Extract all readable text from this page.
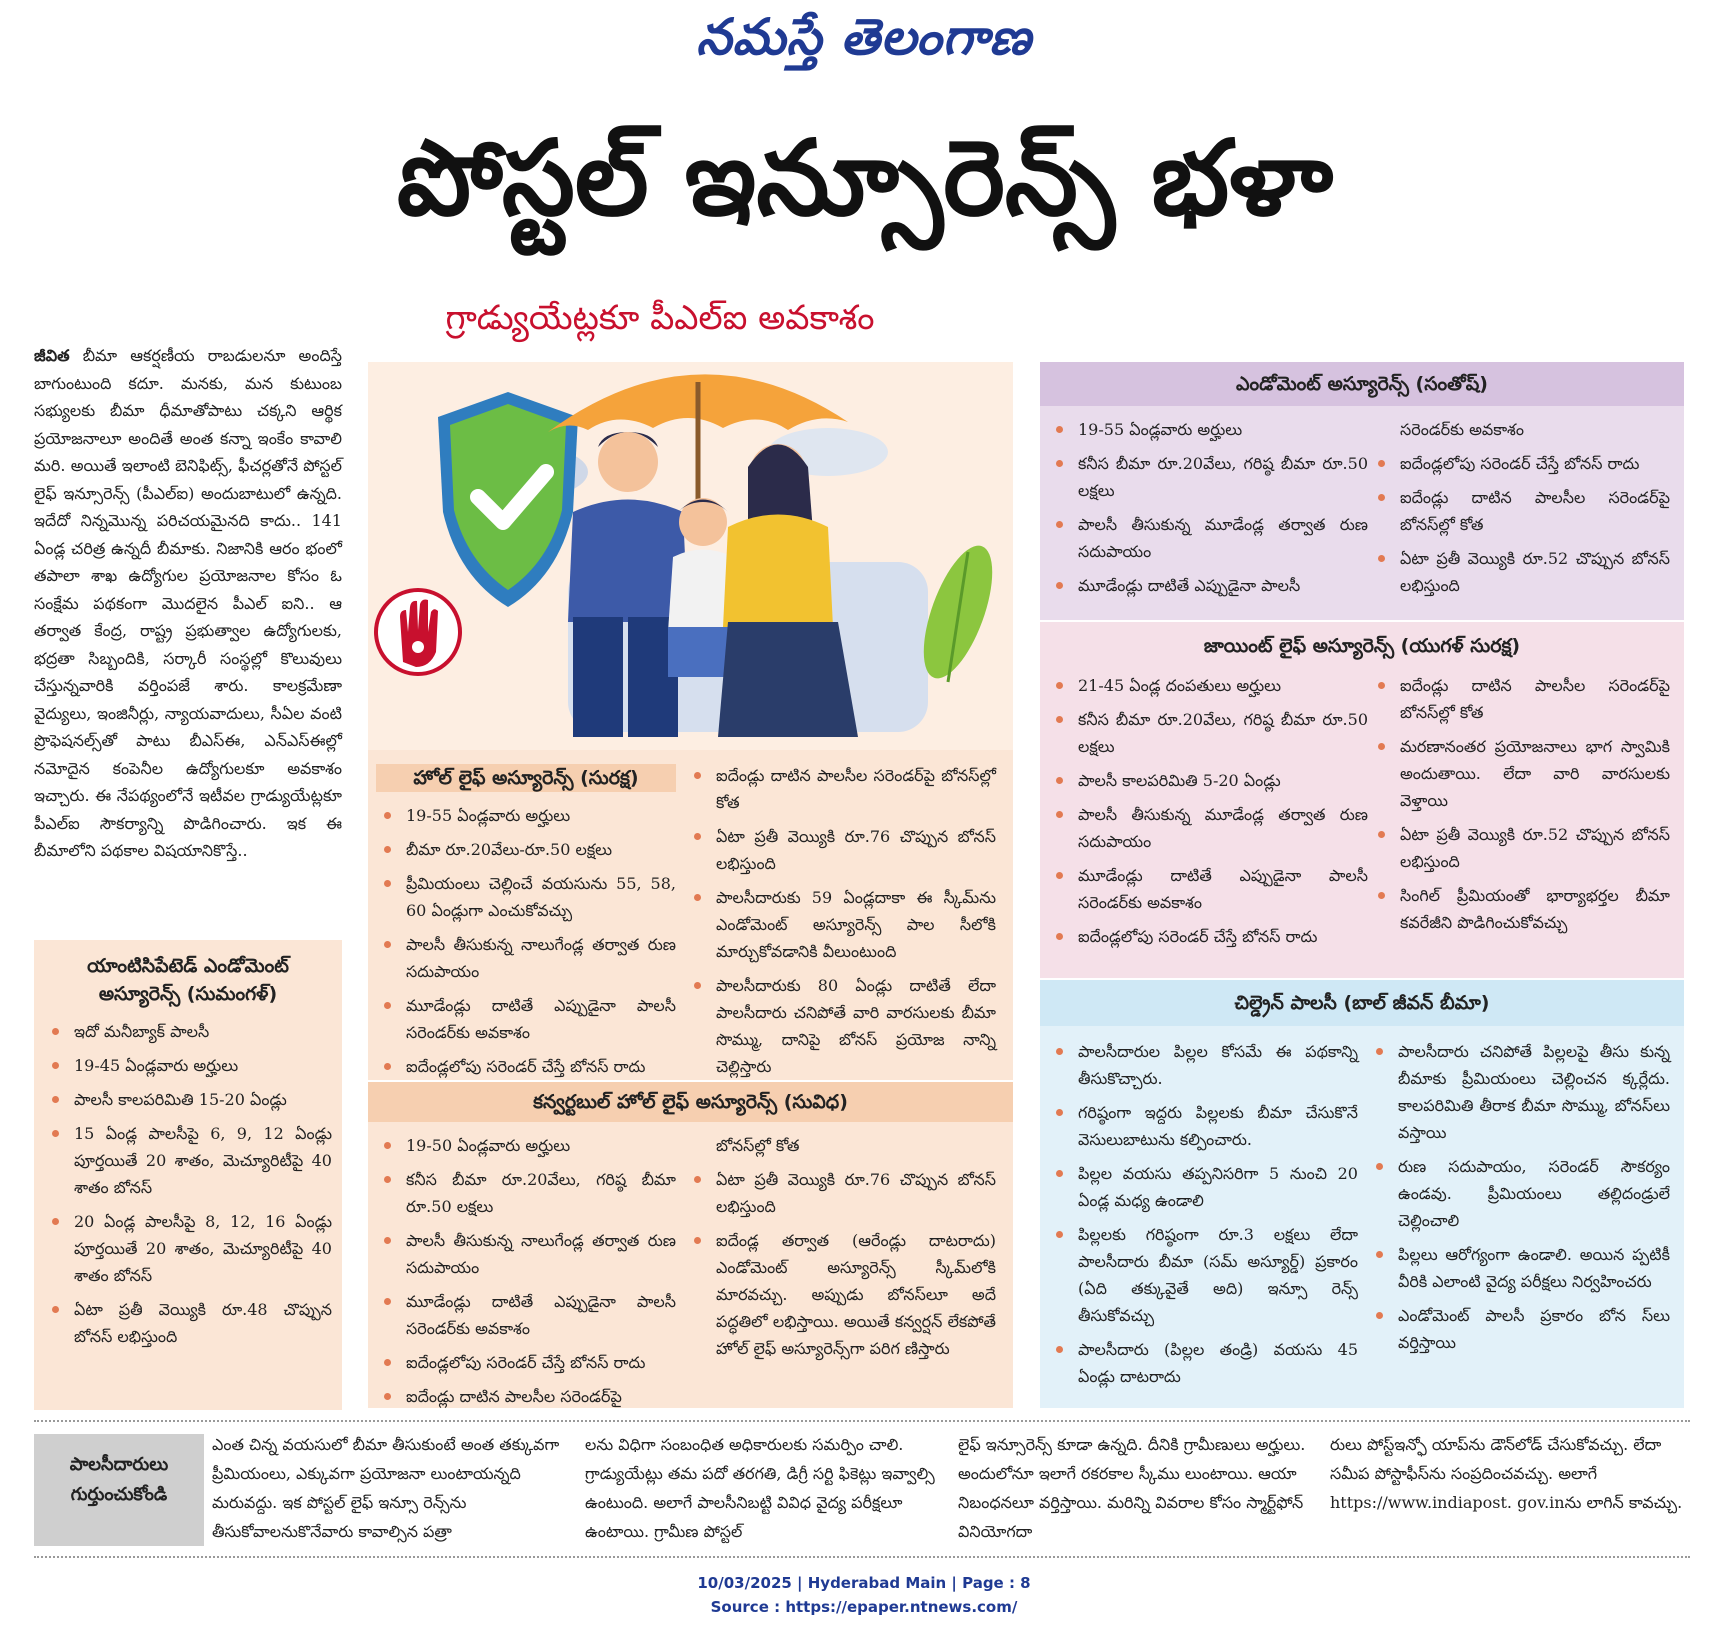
నమస్తే తెలంగాణ
పోస్టల్ ఇన్సూరెన్స్ భళా
గ్రాడ్యుయేట్లకూ పీఎల్ఐ అవకాశం
జీవిత బీమా ఆకర్షణీయ రాబడులనూ అందిస్తే బాగుంటుంది కదూ. మనకు, మన కుటుంబ సభ్యులకు బీమా ధీమాతోపాటు చక్కని ఆర్థిక ప్రయోజనాలూ అందితే అంత కన్నా ఇంకేం కావాలి మరి. అయితే ఇలాంటి బెనిఫిట్స్, ఫీచర్లతోనే పోస్టల్ లైఫ్ ఇన్సూరెన్స్ (పీఎల్ఐ) అందుబాటులో ఉన్నది. ఇదేదో నిన్నమొన్న పరిచయమైనది కాదు.. 141 ఏండ్ల చరిత్ర ఉన్నదీ బీమాకు. నిజానికి ఆరం భంలో తపాలా శాఖ ఉద్యోగుల ప్రయోజనాల కోసం ఓ సంక్షేమ పథకంగా మొదలైన పీఎల్ ఐని.. ఆ తర్వాత కేంద్ర, రాష్ట్ర ప్రభుత్వాల ఉద్యోగులకు, భద్రతా సిబ్బందికి, సర్కారీ సంస్థల్లో కొలువులు చేస్తున్నవారికి వర్తింపజే శారు. కాలక్రమేణా వైద్యులు, ఇంజినీర్లు, న్యాయవాదులు, సీఏల వంటి ప్రొఫెషనల్స్‌తో పాటు బీఎస్ఈ, ఎన్ఎస్ఈల్లో నమోదైన కంపెనీల ఉద్యోగులకూ అవకాశం ఇచ్చారు. ఈ నేపథ్యంలోనే ఇటీవల గ్రాడ్యుయేట్లకూ పీఎల్ఐ సౌకర్యాన్ని పొడిగించారు. ఇక ఈ బీమాలోని పథకాల విషయానికొస్తే..
యాంటిసిపేటెడ్ ఎండోమెంట్ అస్యూరెన్స్ (సుమంగళ్)
ఇదో మనీబ్యాక్ పాలసీ
19-45 ఏండ్లవారు అర్హులు
పాలసీ కాలపరిమితి 15-20 ఏండ్లు
15 ఏండ్ల పాలసీపై 6, 9, 12 ఏండ్లు పూర్తయితే 20 శాతం, మెచ్యూరిటీపై 40 శాతం బోనస్
20 ఏండ్ల పాలసీపై 8, 12, 16 ఏండ్లు పూర్తయితే 20 శాతం, మెచ్యూరిటీపై 40 శాతం బోనస్
ఏటా ప్రతీ వెయ్యికి రూ.48 చొప్పున బోనస్ లభిస్తుంది
హోల్ లైఫ్ అస్యూరెన్స్ (సురక్ష)
19-55 ఏండ్లవారు అర్హులు
బీమా రూ.20వేలు-రూ.50 లక్షలు
ప్రీమియంలు చెల్లించే వయసును 55, 58, 60 ఏండ్లుగా ఎంచుకోవచ్చు
పాలసీ తీసుకున్న నాలుగేండ్ల తర్వాత రుణ సదుపాయం
మూడేండ్లు దాటితే ఎప్పుడైనా పాలసీ సరెండర్‌కు అవకాశం
ఐదేండ్లలోపు సరెండర్ చేస్తే బోనస్ రాదు
ఐదేండ్లు దాటిన పాలసీల సరెండర్‌పై బోనస్‌ల్లో కోత
ఏటా ప్రతీ వెయ్యికి రూ.76 చొప్పున బోనస్ లభిస్తుంది
పాలసీదారుకు 59 ఏండ్లదాకా ఈ స్కీమ్‌ను ఎండోమెంట్ అస్యూరెన్స్ పాల సీలోకి మార్చుకోవడానికి వీలుంటుంది
పాలసీదారుకు 80 ఏండ్లు దాటితే లేదా పాలసీదారు చనిపోతే వారి వారసులకు బీమా సొమ్ము, దానిపై బోనస్ ప్రయోజ నాన్ని చెల్లిస్తారు
కన్వర్టబుల్ హోల్ లైఫ్ అస్యూరెన్స్ (సువిధ)
19-50 ఏండ్లవారు అర్హులు
కనీస బీమా రూ.20వేలు, గరిష్ఠ బీమా రూ.50 లక్షలు
పాలసీ తీసుకున్న నాలుగేండ్ల తర్వాత రుణ సదుపాయం
మూడేండ్లు దాటితే ఎప్పుడైనా పాలసీ సరెండర్‌కు అవకాశం
ఐదేండ్లలోపు సరెండర్ చేస్తే బోనస్ రాదు
ఐదేండ్లు దాటిన పాలసీల సరెండర్‌పై
బోనస్‌ల్లో కోత
ఏటా ప్రతీ వెయ్యికి రూ.76 చొప్పున బోనస్ లభిస్తుంది
ఐదేండ్ల తర్వాత (ఆరేండ్లు దాటరాదు) ఎండోమెంట్ అస్యూరెన్స్ స్కీమ్‌లోకి మారవచ్చు. అప్పుడు బోనస్‌లూ అదే పద్ధతిలో లభిస్తాయి. అయితే కన్వర్షన్ లేకపోతే హోల్ లైఫ్ అస్యూరెన్స్‌గా పరిగ ణిస్తారు
ఎండోమెంట్ అస్యూరెన్స్ (సంతోష్)
19-55 ఏండ్లవారు అర్హులు
కనీస బీమా రూ.20వేలు, గరిష్ఠ బీమా రూ.50 లక్షలు
పాలసీ తీసుకున్న మూడేండ్ల తర్వాత రుణ సదుపాయం
మూడేండ్లు దాటితే ఎప్పుడైనా పాలసీ
సరెండర్‌కు అవకాశం
ఐదేండ్లలోపు సరెండర్ చేస్తే బోనస్ రాదు
ఐదేండ్లు దాటిన పాలసీల సరెండర్‌పై బోనస్‌ల్లో కోత
ఏటా ప్రతీ వెయ్యికి రూ.52 చొప్పున బోనస్ లభిస్తుంది
జాయింట్ లైఫ్ అస్యూరెన్స్ (యుగళ్ సురక్ష)
21-45 ఏండ్ల దంపతులు అర్హులు
కనీస బీమా రూ.20వేలు, గరిష్ఠ బీమా రూ.50 లక్షలు
పాలసీ కాలపరిమితి 5-20 ఏండ్లు
పాలసీ తీసుకున్న మూడేండ్ల తర్వాత రుణ సదుపాయం
మూడేండ్లు దాటితే ఎప్పుడైనా పాలసీ సరెండర్‌కు అవకాశం
ఐదేండ్లలోపు సరెండర్ చేస్తే బోనస్ రాదు
ఐదేండ్లు దాటిన పాలసీల సరెండర్‌పై బోనస్‌ల్లో కోత
మరణానంతర ప్రయోజనాలు భాగ స్వామికి అందుతాయి. లేదా వారి వారసులకు వెళ్తాయి
ఏటా ప్రతీ వెయ్యికి రూ.52 చొప్పున బోనస్ లభిస్తుంది
సింగిల్ ప్రీమియంతో భార్యాభర్తల బీమా కవరేజీని పొడిగించుకోవచ్చు
చిల్డ్రెన్ పాలసీ (బాల్ జీవన్ బీమా)
పాలసీదారుల పిల్లల కోసమే ఈ పథకాన్ని తీసుకొచ్చారు.
గరిష్ఠంగా ఇద్దరు పిల్లలకు బీమా చేసుకొనే వెసులుబాటును కల్పించారు.
పిల్లల వయసు తప్పనిసరిగా 5 నుంచి 20 ఏండ్ల మధ్య ఉండాలి
పిల్లలకు గరిష్ఠంగా రూ.3 లక్షలు లేదా పాలసీదారు బీమా (సమ్ అస్యూర్డ్) ప్రకారం (ఏది తక్కువైతే అది) ఇన్సూ రెన్స్ తీసుకోవచ్చు
పాలసీదారు (పిల్లల తండ్రి) వయసు 45 ఏండ్లు దాటరాదు
పాలసీదారు చనిపోతే పిల్లలపై తీసు కున్న బీమాకు ప్రీమియంలు చెల్లించన క్కర్లేదు. కాలపరిమితి తీరాక బీమా సొమ్ము, బోనస్‌లు వస్తాయి
రుణ సదుపాయం, సరెండర్ సౌకర్యం ఉండవు. ప్రీమియంలు తల్లిదండ్రులే చెల్లించాలి
పిల్లలు ఆరోగ్యంగా ఉండాలి. అయిన ప్పటికీ వీరికి ఎలాంటి వైద్య పరీక్షలు నిర్వహించరు
ఎండోమెంట్ పాలసీ ప్రకారం బోన స్‌లు వర్తిస్తాయి
పాలసీదారులు గుర్తుంచుకోండి
ఎంత చిన్న వయసులో బీమా తీసుకుంటే అంత తక్కువగా ప్రీమియంలు, ఎక్కువగా ప్రయోజనా లుంటాయన్నది మరువద్దు. ఇక పోస్టల్ లైఫ్ ఇన్సూ రెన్స్‌ను తీసుకోవాలనుకొనేవారు కావాల్సిన పత్రా
లను విధిగా సంబంధిత అధికారులకు సమర్పిం చాలి. గ్రాడ్యుయేట్లు తమ పదో తరగతి, డిగ్రీ సర్టి ఫికెట్లు ఇవ్వాల్సి ఉంటుంది. అలాగే పాలసీనిబట్టి వివిధ వైద్య పరీక్షలూ ఉంటాయి. గ్రామీణ పోస్టల్
లైఫ్ ఇన్సూరెన్స్ కూడా ఉన్నది. దీనికి గ్రామీణులు అర్హులు. అందులోనూ ఇలాగే రకరకాల స్కీము లుంటాయి. ఆయా నిబంధనలూ వర్తిస్తాయి. మరిన్ని వివరాల కోసం స్మార్ట్‌ఫోన్ వినియోగదా
రులు పోస్ట్‌ఇన్ఫో యాప్‌ను డౌన్‌లోడ్ చేసుకోవచ్చు. లేదా సమీప పోస్టాఫీస్‌ను సంప్రదించవచ్చు. అలాగే https://www.indiapost. gov.inను లాగిన్ కావచ్చు.
10/03/2025 | Hyderabad Main | Page : 8
Source : https://epaper.ntnews.com/
